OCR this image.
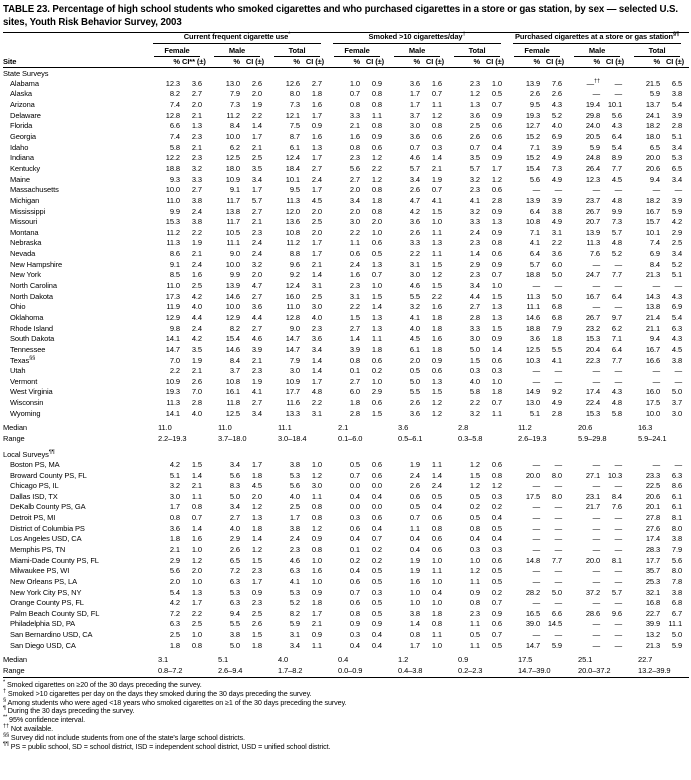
TABLE 23. Percentage of high school students who smoked cigarettes and who purchased cigarettes in a store or gas station, by sex — selected U.S. sites, Youth Risk Behavior Survey, 2003

	Current frequent cigarette use*						Smoked >10 cigarettes/day†						Purchased cigarettes at a store or gas station§¶

	Female		Male		Total		Female		Male		Total		Female		Male		Total	

Site	%	CI** (±)	%	CI (±)	%	CI (±)	%	CI (±)	%	CI (±)	%	CI (±)	%	CI (±)	%	CI (±)	%	CI (±)
State Surveys																		
Alabama	12.3	3.6	13.0	2.6	12.6	2.7	1.0	0.9	3.6	1.6	2.3	1.0	13.9	7.6	—††	—	21.5	6.5
Alaska	8.2	2.7	7.9	2.0	8.0	1.8	0.7	0.8	1.7	0.7	1.2	0.5	2.6	2.6	—	—	5.9	3.8
Arizona	7.4	2.0	7.3	1.9	7.3	1.6	0.8	0.8	1.7	1.1	1.3	0.7	9.5	4.3	19.4	10.1	13.7	5.4
Delaware	12.8	2.1	11.2	2.2	12.1	1.7	3.3	1.1	3.7	1.2	3.6	0.9	19.3	5.2	29.8	5.6	24.1	3.9
Florida	6.6	1.3	8.4	1.4	7.5	0.9	2.1	0.8	3.0	0.8	2.5	0.6	12.7	4.0	24.0	4.3	18.2	2.8
Georgia	7.4	2.3	10.0	1.7	8.7	1.6	1.6	0.9	3.6	0.6	2.6	0.6	15.2	6.9	20.5	6.4	18.0	5.1
Idaho	5.8	2.1	6.2	2.1	6.1	1.3	0.8	0.6	0.7	0.3	0.7	0.4	7.1	3.9	5.9	5.4	6.5	3.4
Indiana	12.2	2.3	12.5	2.5	12.4	1.7	2.3	1.2	4.6	1.4	3.5	0.9	15.2	4.9	24.8	8.9	20.0	5.3
Kentucky	18.8	3.2	18.0	3.5	18.4	2.7	5.6	2.2	5.7	2.1	5.7	1.7	15.4	7.3	26.4	7.7	20.6	6.5
Maine	9.3	3.3	10.9	3.4	10.1	2.4	2.7	1.2	3.4	1.9	3.2	1.2	5.6	4.9	12.3	4.5	9.4	3.4
Massachusetts	10.0	2.7	9.1	1.7	9.5	1.7	2.0	0.8	2.6	0.7	2.3	0.6	—	—	—	—	—	—
Michigan	11.0	3.8	11.7	5.7	11.3	4.5	3.4	1.8	4.7	4.1	4.1	2.8	13.9	3.9	23.7	4.8	18.2	3.9
Mississippi	9.9	2.4	13.8	2.7	12.0	2.0	2.0	0.8	4.2	1.5	3.2	0.9	6.4	3.8	26.7	9.9	16.7	5.9
Missouri	15.3	3.8	11.7	2.1	13.6	2.5	3.0	2.0	3.6	1.0	3.3	1.3	10.8	4.9	20.7	7.3	15.7	4.2
Montana	11.2	2.2	10.5	2.3	10.8	2.0	2.2	1.0	2.6	1.1	2.4	0.9	7.1	3.1	13.9	5.7	10.1	2.9
Nebraska	11.3	1.9	11.1	2.4	11.2	1.7	1.1	0.6	3.3	1.3	2.3	0.8	4.1	2.2	11.3	4.8	7.4	2.5
Nevada	8.6	2.1	9.0	2.4	8.8	1.7	0.6	0.5	2.2	1.1	1.4	0.6	6.4	3.6	7.6	5.2	6.9	3.4
New Hampshire	9.1	2.4	10.0	3.2	9.6	2.1	2.4	1.3	3.1	1.5	2.9	0.9	5.7	6.0	—	—	8.4	5.2
New York	8.5	1.6	9.9	2.0	9.2	1.4	1.6	0.7	3.0	1.2	2.3	0.7	18.8	5.0	24.7	7.7	21.3	5.1
North Carolina	11.0	2.5	13.9	4.7	12.4	3.1	2.3	1.0	4.6	1.5	3.4	1.0	—	—	—	—	—	—
North Dakota	17.3	4.2	14.6	2.7	16.0	2.5	3.1	1.5	5.5	2.2	4.4	1.5	11.3	5.0	16.7	6.4	14.3	4.3
Ohio	11.9	4.0	10.0	3.6	11.0	3.0	2.2	1.4	3.2	1.6	2.7	1.3	11.1	6.8	—	—	13.8	6.9
Oklahoma	12.9	4.4	12.9	4.4	12.8	4.0	1.5	1.3	4.1	1.8	2.8	1.3	14.6	6.8	26.7	9.7	21.4	5.4
Rhode Island	9.8	2.4	8.2	2.7	9.0	2.3	2.7	1.3	4.0	1.8	3.3	1.5	18.8	7.9	23.2	6.2	21.1	6.3
South Dakota	14.1	4.2	15.4	4.6	14.7	3.6	1.4	1.1	4.5	1.6	3.0	0.9	3.6	1.8	15.3	7.1	9.4	4.3
Tennessee	14.7	3.5	14.6	3.9	14.7	3.4	3.9	1.8	6.1	1.8	5.0	1.4	12.5	5.5	20.4	6.4	16.7	4.5
Texas§§	7.0	1.9	8.4	2.1	7.9	1.4	0.8	0.6	2.0	0.9	1.5	0.6	10.3	4.1	22.3	7.7	16.6	3.8
Utah	2.2	2.1	3.7	2.3	3.0	1.4	0.1	0.2	0.5	0.6	0.3	0.3	—	—	—	—	—	—
Vermont	10.9	2.6	10.8	1.9	10.9	1.7	2.7	1.0	5.0	1.3	4.0	1.0	—	—	—	—	—	—
West Virginia	19.3	7.0	16.1	4.1	17.7	4.8	6.0	2.9	5.5	1.5	5.8	1.8	14.9	9.2	17.4	4.3	16.0	5.0
Wisconsin	11.3	2.8	11.8	2.7	11.6	2.2	1.8	0.6	2.6	1.2	2.2	0.7	13.0	4.9	22.4	4.8	17.5	3.7
Wyoming	14.1	4.0	12.5	3.4	13.3	3.1	2.8	1.5	3.6	1.2	3.2	1.1	5.1	2.8	15.3	5.8	10.0	3.0

Median	11.0		11.0		11.1		2.1		3.6		2.8		11.2		20.6		16.3	
Range	2.2–19.3		3.7–18.0		3.0–18.4		0.1–6.0		0.5–6.1		0.3–5.8		2.6–19.3		5.9–29.8		5.9–24.1	

Local Surveys¶¶
Boston PS, MA	4.2	1.5	3.4	1.7	3.8	1.0	0.5	0.6	1.9	1.1	1.2	0.6	—	—	—	—	—	—
Broward County PS, FL	5.1	1.4	5.6	1.8	5.3	1.2	0.7	0.6	2.4	1.4	1.5	0.8	20.0	8.0	27.1	10.3	23.3	6.3
Chicago PS, IL	3.2	2.1	8.3	4.5	5.6	3.0	0.0	0.0	2.6	2.4	1.2	1.2	—	—	—	—	22.5	8.6
Dallas ISD, TX	3.0	1.1	5.0	2.0	4.0	1.1	0.4	0.4	0.6	0.5	0.5	0.3	17.5	8.0	23.1	8.4	20.6	6.1
DeKalb County PS, GA	1.7	0.8	3.4	1.2	2.5	0.8	0.0	0.0	0.5	0.4	0.2	0.2	—	—	21.7	7.6	20.1	6.1
Detroit PS, MI	0.8	0.7	2.7	1.3	1.7	0.8	0.3	0.6	0.7	0.6	0.5	0.4	—	—	—	—	27.8	8.1
District of Columbia PS	3.6	1.4	4.0	1.8	3.8	1.2	0.6	0.4	1.1	0.8	0.8	0.5	—	—	—	—	27.6	8.0
Los Angeles USD, CA	1.8	1.6	2.9	1.4	2.4	0.9	0.4	0.7	0.4	0.6	0.4	0.4	—	—	—	—	17.4	3.8
Memphis PS, TN	2.1	1.0	2.6	1.2	2.3	0.8	0.1	0.2	0.4	0.6	0.3	0.3	—	—	—	—	28.3	7.9
Miami-Dade County PS, FL	2.9	1.2	6.5	1.5	4.6	1.0	0.2	0.2	1.9	1.0	1.0	0.6	14.8	7.7	20.0	8.1	17.7	5.6
Milwaukee PS, WI	5.6	2.0	7.2	2.3	6.3	1.6	0.4	0.5	1.9	1.1	1.2	0.5	—	—	—	—	35.7	8.0
New Orleans PS, LA	2.0	1.0	6.3	1.7	4.1	1.0	0.6	0.5	1.6	1.0	1.1	0.5	—	—	—	—	25.3	7.8
New York City PS, NY	5.4	1.3	5.3	0.9	5.3	0.9	0.7	0.3	1.0	0.4	0.9	0.2	28.2	5.0	37.2	5.7	32.1	3.8
Orange County PS, FL	4.2	1.7	6.3	2.3	5.2	1.8	0.6	0.5	1.0	1.0	0.8	0.7	—	—	—	—	16.8	6.8
Palm Beach County SD, FL	7.2	2.2	9.4	2.5	8.2	1.7	0.8	0.5	3.8	1.8	2.3	0.9	16.5	6.6	28.6	9.6	22.7	6.7
Philadelphia SD, PA	6.3	2.5	5.5	2.6	5.9	2.1	0.9	0.9	1.4	0.8	1.1	0.6	39.0	14.5	—	—	39.9	11.1
San Bernardino USD, CA	2.5	1.0	3.8	1.5	3.1	0.9	0.3	0.4	0.8	1.1	0.5	0.7	—	—	—	—	13.2	5.0
San Diego USD, CA	1.8	0.8	5.0	1.8	3.4	1.1	0.4	0.4	1.7	1.0	1.1	0.5	14.7	5.9	—	—	21.3	5.9

Median	3.1		5.1		4.0		0.4		1.2		0.9		17.5		25.1		22.7	
Range	0.8–7.2		2.6–9.4		1.7–8.2		0.0–0.9		0.4–3.8		0.2–2.3		14.7–39.0		20.0–37.2		13.2–39.9	

* Smoked cigarettes on ≥20 of the 30 days preceding the survey.

† Smoked >10 cigarettes per day on the days they smoked during the 30 days preceding the survey.

§ Among students who were aged <18 years who smoked cigarettes on ≥1 of the 30 days preceding the survey.

¶ During the 30 days preceding the survey.

** 95% confidence interval.

†† Not available.

§§ Survey did not include students from one of the state's large school districts.

¶¶ PS = public school, SD = school district, ISD = independent school district, USD = unified school district.
